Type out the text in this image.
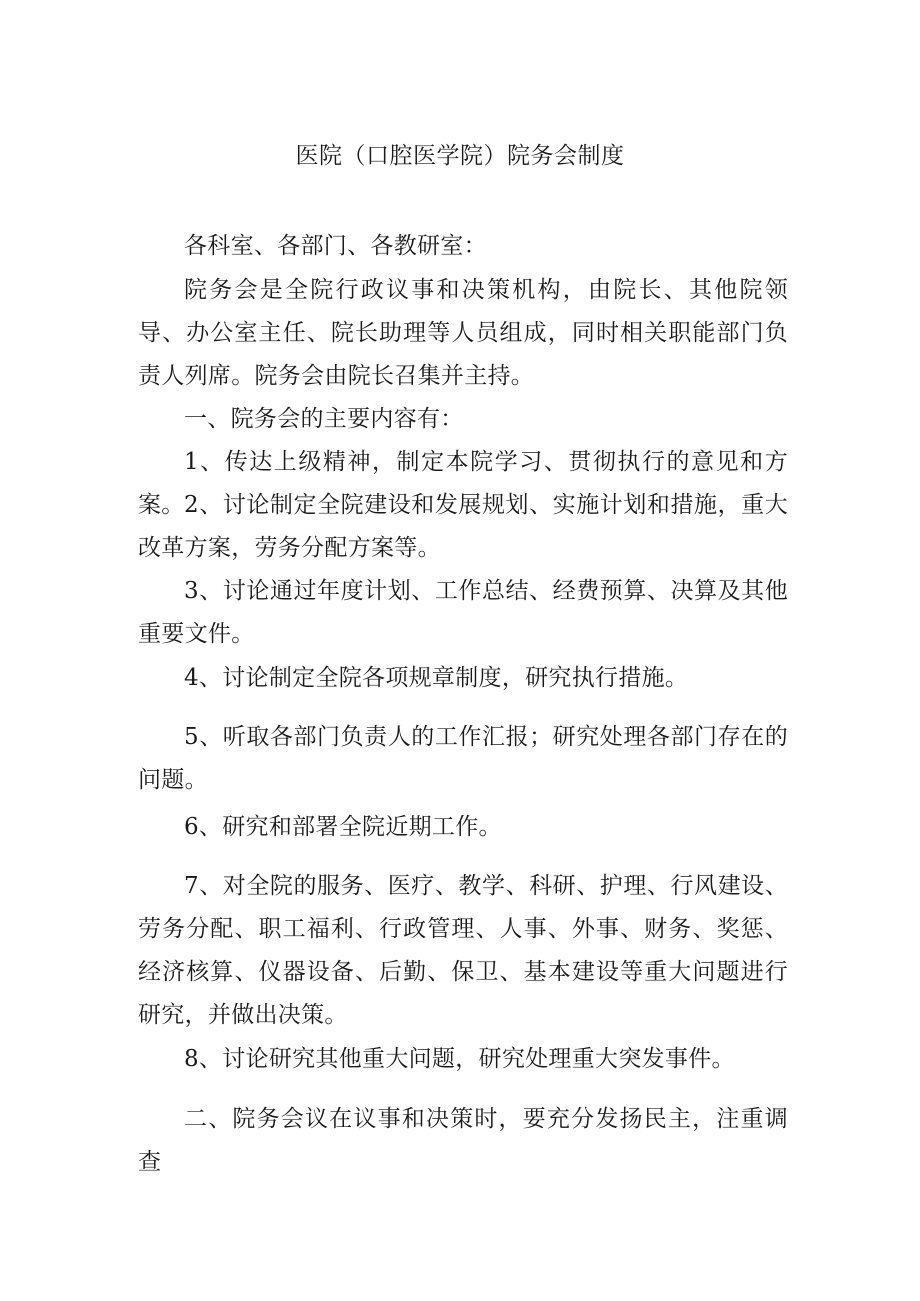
医院（口腔医学院）院务会制度

各科室、各部门、各教研室：

院务会是全院行政议事和决策机构，由院长、其他院领导、办公室主任、院长助理等人员组成，同时相关职能部门负责人列席。院务会由院长召集并主持。

一、院务会的主要内容有：

1、传达上级精神，制定本院学习、贯彻执行的意见和方案。 2、讨论制定全院建设和发展规划、实施计划和措施，重大改革方案，劳务分配方案等。

3、讨论通过年度计划、工作总结、经费预算、决算及其他重要文件。

4、讨论制定全院各项规章制度，研究执行措施。

5、听取各部门负责人的工作汇报；研究处理各部门存在的问题。

6、研究和部署全院近期工作。

7、对全院的服务、医疗、教学、科研、护理、行风建设、劳务分配、职工福利、行政管理、人事、外事、财务、奖惩、经济核算、仪器设备、后勤、保卫、基本建设等重大问题进行研究，并做出决策。

8、讨论研究其他重大问题，研究处理重大突发事件。

二、院务会议在议事和决策时，要充分发扬民主，注重调查
